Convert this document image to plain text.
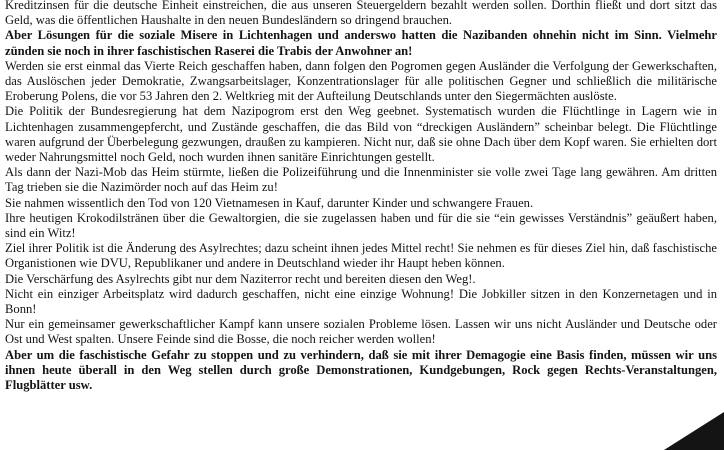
Kreditzinsen für die deutsche Einheit einstreichen, die aus unseren Steuergeldern bezahlt werden sollen. Dorthin fließt und dort sitzt das Geld, was die öffentlichen Haushalte in den neuen Bundesländern so dringend brauchen.

Aber Lösungen für die soziale Misere in Lichtenhagen und anderswo hatten die Nazibanden ohnehin nicht im Sinn. Vielmehr zünden sie noch in ihrer faschistischen Raserei die Trabis der Anwohner an!

Werden sie erst einmal das Vierte Reich geschaffen haben, dann folgen den Pogromen gegen Ausländer die Verfolgung der Gewerkschaften, das Auslöschen jeder Demokratie, Zwangsarbeitslager, Konzentrationslager für alle politischen Gegner und schließlich die militärische Eroberung Polens, die vor 53 Jahren den 2. Weltkrieg mit der Aufteilung Deutschlands unter den Siegermächten auslöste.

Die Politik der Bundesregierung hat dem Nazipogrom erst den Weg geebnet. Systematisch wurden die Flüchtlinge in Lagern wie in Lichtenhagen zusammengepfercht, und Zustände geschaffen, die das Bild von “dreckigen Ausländern” scheinbar belegt. Die Flüchtlinge waren aufgrund der Überbelegung gezwungen, draußen zu kampieren. Nicht nur, daß sie ohne Dach über dem Kopf waren. Sie erhielten dort weder Nahrungsmittel noch Geld, noch wurden ihnen sanitäre Einrichtungen gestellt.

Als dann der Nazi-Mob das Heim stürmte, ließen die Polizeiführung und die Innenminister sie volle zwei Tage lang gewähren. Am dritten Tag trieben sie die Nazimörder noch auf das Heim zu!

Sie nahmen wissentlich den Tod von 120 Vietnamesen in Kauf, darunter Kinder und schwangere Frauen.

Ihre heutigen Krokodilstränen über die Gewaltorgien, die sie zugelassen haben und für die sie “ein gewisses Verständnis” geäußert haben, sind ein Witz!

Ziel ihrer Politik ist die Änderung des Asylrechtes; dazu scheint ihnen jedes Mittel recht! Sie nehmen es für dieses Ziel hin, daß faschistische Organistionen wie DVU, Republikaner und andere in Deutschland wieder ihr Haupt heben können.

Die Verschärfung des Asylrechts gibt nur dem Naziterror recht und bereiten diesen den Weg!.

Nicht ein einziger Arbeitsplatz wird dadurch geschaffen, nicht eine einzige Wohnung! Die Jobkiller sitzen in den Konzernetagen und in Bonn!

Nur ein gemeinsamer gewerkschaftlicher Kampf kann unsere sozialen Probleme lösen. Lassen wir uns nicht Ausländer und Deutsche oder Ost und West spalten. Unsere Feinde sind die Bosse, die noch reicher werden wollen!

Aber um die faschistische Gefahr zu stoppen und zu verhindern, daß sie mit ihrer Demagogie eine Basis finden, müssen wir uns ihnen heute überall in den Weg stellen durch große Demonstrationen, Kundgebungen, Rock gegen Rechts-Veranstaltungen, Flugblätter usw.
